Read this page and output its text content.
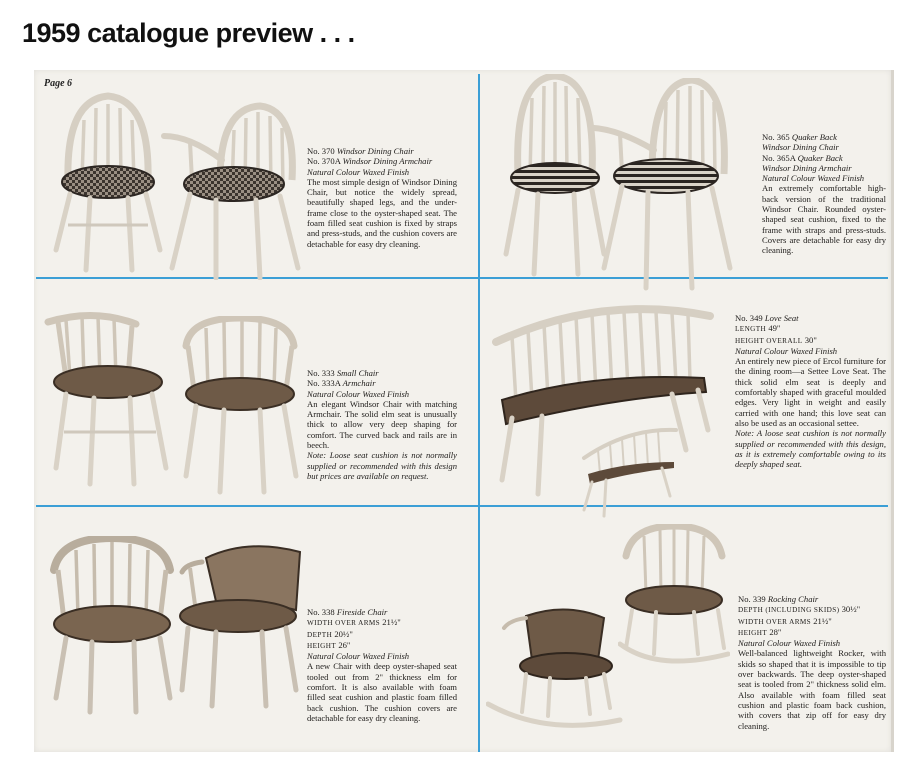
1959 catalogue preview . . .
Page 6
No. 370 Windsor Dining Chair
No. 370A Windsor Dining Armchair
Natural Colour Waxed Finish
The most simple design of Windsor Dining Chair, but notice the widely spread, beautifully shaped legs, and the under-frame close to the oyster-shaped seat. The foam filled seat cushion is fixed by straps and press-studs, and the cushion covers are detachable for easy dry cleaning.
No. 365 Quaker Back
Windsor Dining Chair
No. 365A Quaker Back
Windsor Dining Armchair
Natural Colour Waxed Finish
An extremely comfortable high-back version of the traditional Windsor Chair. Rounded oyster-shaped seat cushion, fixed to the frame with straps and press-studs. Covers are detachable for easy dry cleaning.
No. 333 Small Chair
No. 333A Armchair
Natural Colour Waxed Finish
An elegant Windsor Chair with matching Armchair. The solid elm seat is unusually thick to allow very deep shaping for comfort. The curved back and rails are in beech.
Note: Loose seat cushion is not normally supplied or recommended with this design but prices are available on request.
No. 349 Love Seat
LENGTH 49"
HEIGHT OVERALL 30"
Natural Colour Waxed Finish
An entirely new piece of Ercol furniture for the dining room—a Settee Love Seat. The thick solid elm seat is deeply and comfortably shaped with graceful moulded edges. Very light in weight and easily carried with one hand; this love seat can also be used as an occasional settee.
Note: A loose seat cushion is not normally supplied or recommended with this design, as it is extremely comfortable owing to its deeply shaped seat.
No. 338 Fireside Chair
WIDTH OVER ARMS 21½"
DEPTH 20½"
HEIGHT 26"
Natural Colour Waxed Finish
A new Chair with deep oyster-shaped seat tooled out from 2" thickness elm for comfort. It is also available with foam filled seat cushion and plastic foam filled back cushion. The cushion covers are detachable for easy dry cleaning.
No. 339 Rocking Chair
DEPTH (INCLUDING SKIDS) 30½"
WIDTH OVER ARMS 21½"
HEIGHT 28"
Natural Colour Waxed Finish
Well-balanced lightweight Rocker, with skids so shaped that it is impossible to tip over backwards. The deep oyster-shaped seat is tooled from 2" thickness solid elm. Also available with foam filled seat cushion and plastic foam back cushion, with covers that zip off for easy dry cleaning.
